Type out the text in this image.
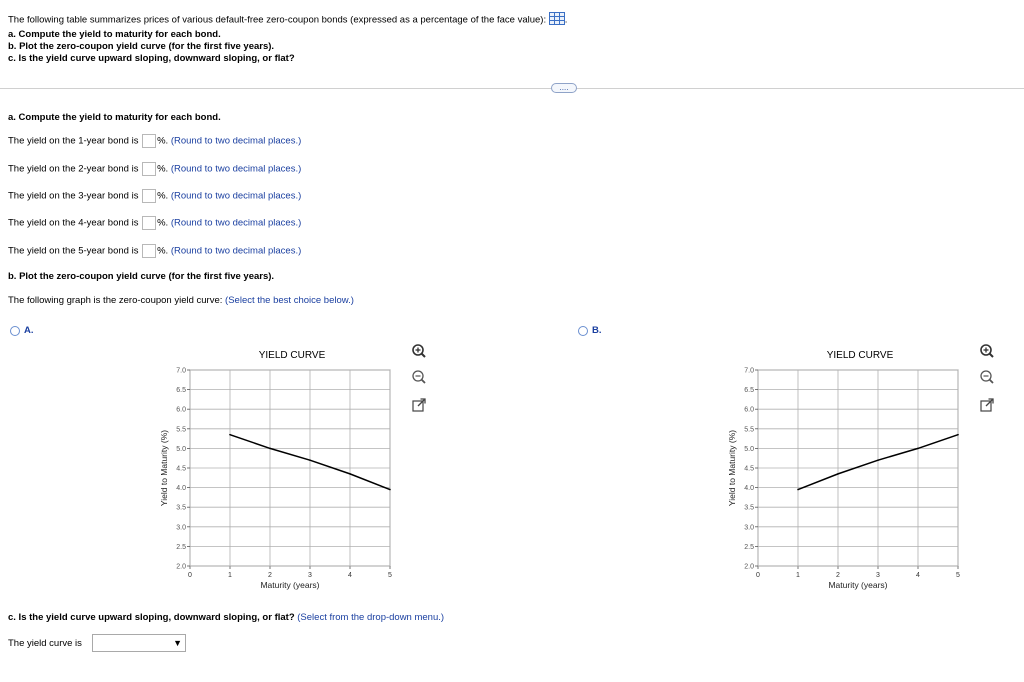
The following table summarizes prices of various default-free zero-coupon bonds (expressed as a percentage of the face value): .
a. Compute the yield to maturity for each bond.
b. Plot the zero-coupon yield curve (for the first five years).
c. Is the yield curve upward sloping, downward sloping, or flat?
....
a. Compute the yield to maturity for each bond.
The yield on the 1-year bond is %. (Round to two decimal places.)
The yield on the 2-year bond is %. (Round to two decimal places.)
The yield on the 3-year bond is %. (Round to two decimal places.)
The yield on the 4-year bond is %. (Round to two decimal places.)
The yield on the 5-year bond is %. (Round to two decimal places.)
b. Plot the zero-coupon yield curve (for the first five years).
The following graph is the zero-coupon yield curve: (Select the best choice below.)
A.
YIELD CURVE
0	1	2	3	4	5
2.0
2.5
3.0
3.5
4.0
4.5
5.0
5.5
6.0
6.5
7.0
Maturity (years)
Yield to Maturity (%)
B.
YIELD CURVE
0	1	2	3	4	5
2.0
2.5
3.0
3.5
4.0
4.5
5.0
5.5
6.0
6.5
7.0
Maturity (years)
Yield to Maturity (%)
c. Is the yield curve upward sloping, downward sloping, or flat? (Select from the drop-down menu.)
The yield curve is	▼
